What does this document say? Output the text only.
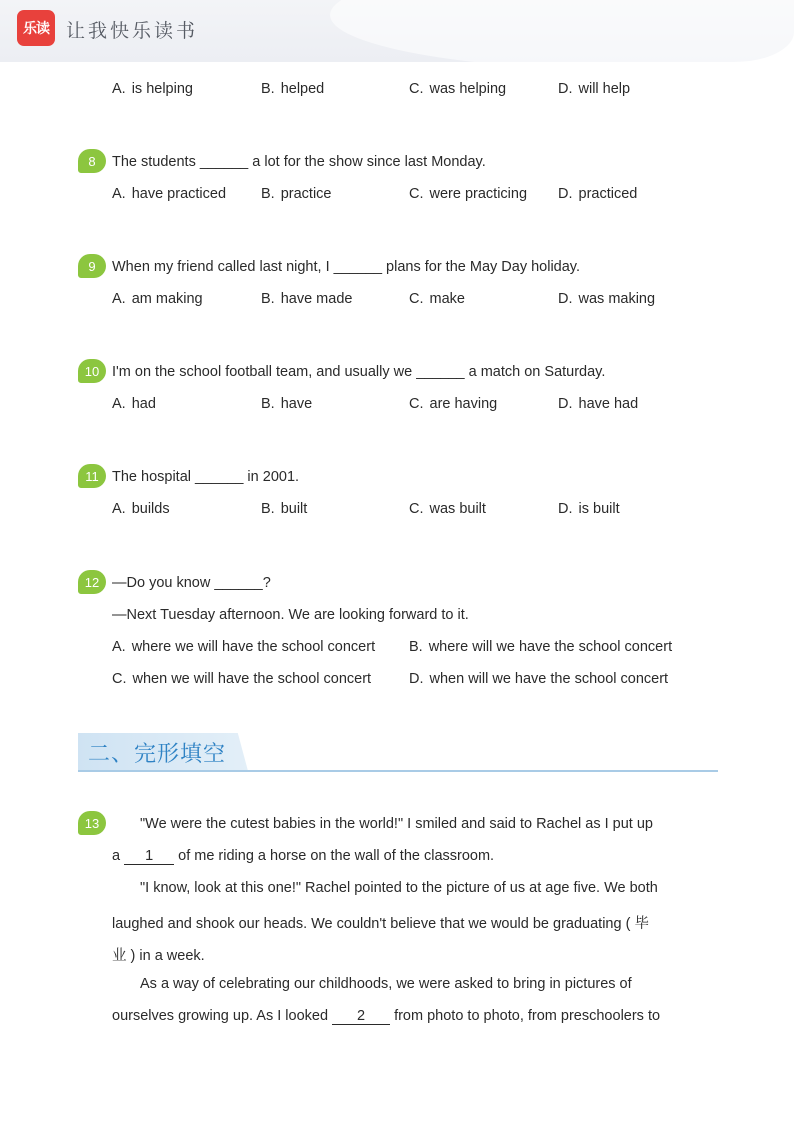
乐读 让我快乐读书
A. is helping	B. helped	C. was helping	D. will help
8	The students ______ a lot for the show since last Monday.
A. have practiced B. practice	C. were practicing D. practiced
9	When my friend called last night, I ______ plans for the May Day holiday.
A. am making	B. have made	C. make	D. was making
10 I'm on the school football team, and usually we ______ a match on Saturday.
A. had	B. have	C. are having	D. have had
11 The hospital ______ in 2001.
A. builds	B. built	C. was built	D. is built
12 —Do you know ______?
—Next Tuesday afternoon. We are looking forward to it.
A. where we will have the school concert B. where will we have the school concert
C. when we will have the school concert	D. when will we have the school concert
二、完形填空
13	"We were the cutest babies in the world!" I smiled and said to Rachel as I put up
a 1 of me riding a horse on the wall of the classroom.
"I know, look at this one!" Rachel pointed to the picture of us at age five. We both
laughed and shook our heads. We couldn't believe that we would be graduating ( 毕
业 ) in a week.
As a way of celebrating our childhoods, we were asked to bring in pictures of
ourselves growing up. As I looked 2 from photo to photo, from preschoolers to
